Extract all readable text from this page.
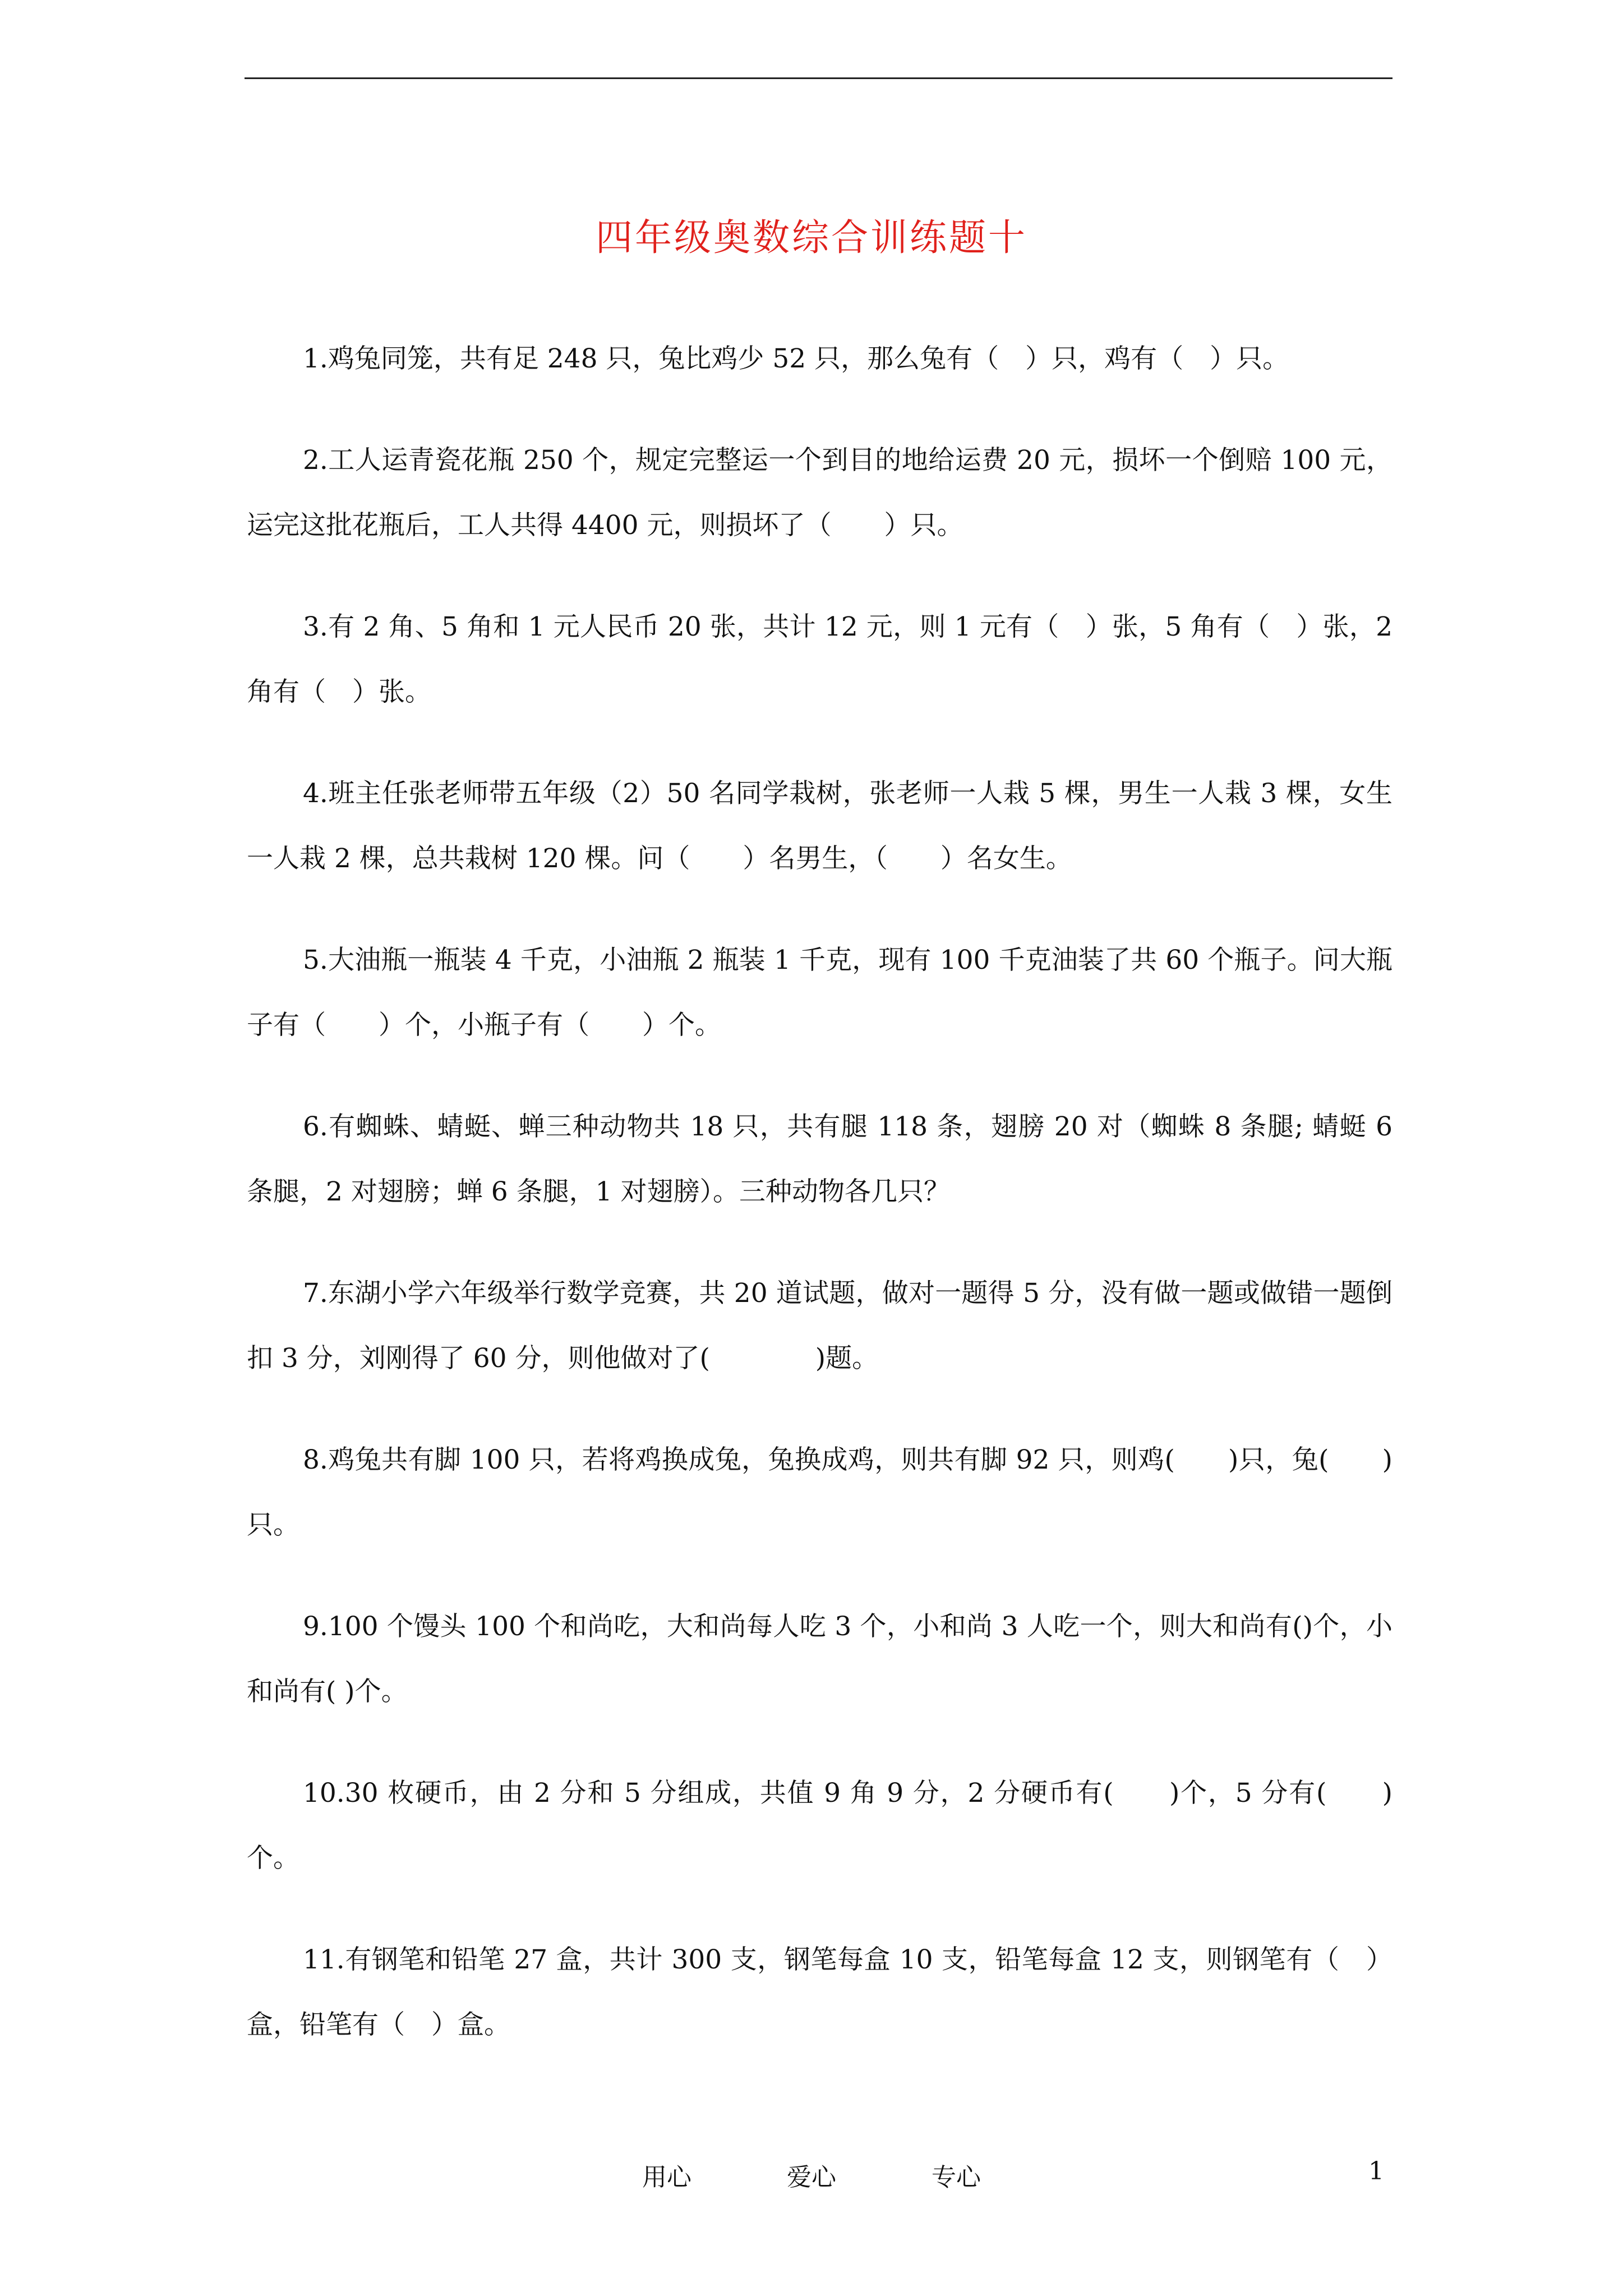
四年级奥数综合训练题十

1.鸡兔同笼，共有足 248 只，兔比鸡少 52 只，那么兔有（　）只，鸡有（　）只。

2.工人运青瓷花瓶 250 个，规定完整运一个到目的地给运费 20 元，损坏一个倒赔 100 元，运完这批花瓶后，工人共得 4400 元，则损坏了（　　）只。

3.有 2 角、5 角和 1 元人民币 20 张，共计 12 元，则 1 元有（　）张，5 角有（　）张，2 角有（　）张。

4.班主任张老师带五年级（2）50 名同学栽树，张老师一人栽 5 棵，男生一人栽 3 棵，女生一人栽 2 棵，总共栽树 120 棵。问（　　）名男生，（　　）名女生。

5.大油瓶一瓶装 4 千克，小油瓶 2 瓶装 1 千克，现有 100 千克油装了共 60 个瓶子。问大瓶子有（　　）个，小瓶子有（　　）个。

6.有蜘蛛、蜻蜓、蝉三种动物共 18 只，共有腿 118 条，翅膀 20 对（蜘蛛 8 条腿; 蜻蜓 6 条腿，2 对翅膀；蝉 6 条腿，1 对翅膀）。三种动物各几只？

7.东湖小学六年级举行数学竞赛，共 20 道试题，做对一题得 5 分，没有做一题或做错一题倒扣 3 分，刘刚得了 60 分，则他做对了(　　　　)题。

8.鸡兔共有脚 100 只，若将鸡换成兔，兔换成鸡，则共有脚 92 只，则鸡(　　)只，兔(　　)只。

9.100 个馒头 100 个和尚吃，大和尚每人吃 3 个，小和尚 3 人吃一个，则大和尚有()个，小和尚有( )个。

10.30 枚硬币，由 2 分和 5 分组成，共值 9 角 9 分，2 分硬币有(　　)个，5 分有(　　)个。

11.有钢笔和铅笔 27 盒，共计 300 支，钢笔每盒 10 支，铅笔每盒 12 支，则钢笔有（　）盒，铅笔有（　）盒。

用心	爱心	专心	1
